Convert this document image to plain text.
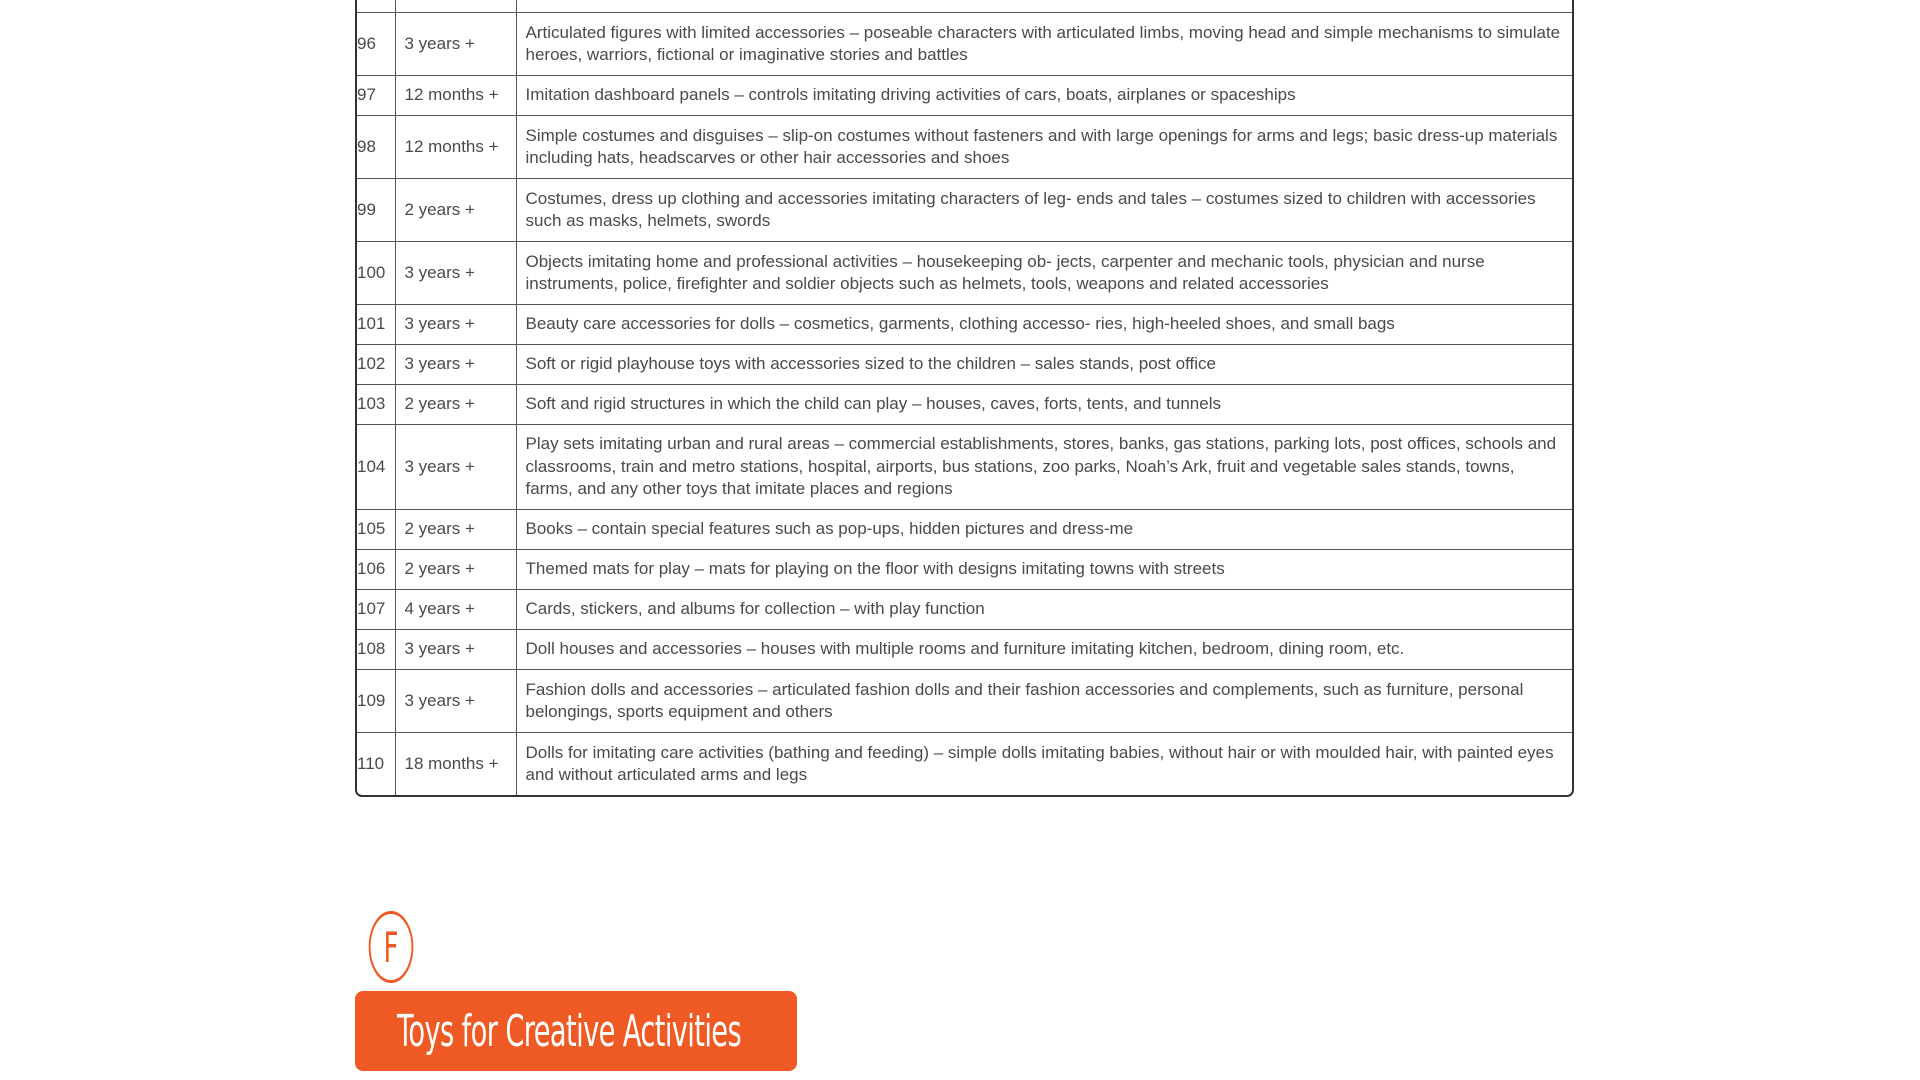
96	3 years +	Articulated figures with limited accessories – poseable characters with articulated limbs, moving head and simple mechanisms to simulate heroes, warriors, fictional or imaginative stories and battles
97	12 months +	Imitation dashboard panels – controls imitating driving activities of cars, boats, airplanes or spaceships
98	12 months +	Simple costumes and disguises – slip-on costumes without fasteners and with large openings for arms and legs; basic dress-up materials including hats, headscarves or other hair accessories and shoes
99	2 years +	Costumes, dress up clothing and accessories imitating characters of leg- ends and tales – costumes sized to children with accessories such as masks, helmets, swords
100	3 years +	Objects imitating home and professional activities – housekeeping ob- jects, carpenter and mechanic tools, physician and nurse instruments, police, firefighter and soldier objects such as helmets, tools, weapons and related accessories
101	3 years +	Beauty care accessories for dolls – cosmetics, garments, clothing accesso- ries, high-heeled shoes, and small bags
102	3 years +	Soft or rigid playhouse toys with accessories sized to the children – sales stands, post office
103	2 years +	Soft and rigid structures in which the child can play – houses, caves, forts, tents, and tunnels
104	3 years +	Play sets imitating urban and rural areas – commercial establishments, stores, banks, gas stations, parking lots, post offices, schools and classrooms, train and metro stations, hospital, airports, bus stations, zoo parks, Noah’s Ark, fruit and vegetable sales stands, towns, farms, and any other toys that imitate places and regions
105	2 years +	Books – contain special features such as pop-ups, hidden pictures and dress-me
106	2 years +	Themed mats for play – mats for playing on the floor with designs imitating towns with streets
107	4 years +	Cards, stickers, and albums for collection – with play function
108	3 years +	Doll houses and accessories – houses with multiple rooms and furniture imitating kitchen, bedroom, dining room, etc.
109	3 years +	Fashion dolls and accessories – articulated fashion dolls and their fashion accessories and complements, such as furniture, personal belongings, sports equipment and others
110	18 months +	Dolls for imitating care activities (bathing and feeding) – simple dolls imitating babies, without hair or with moulded hair, with painted eyes and without articulated arms and legs
F
Toys for Creative Activities
